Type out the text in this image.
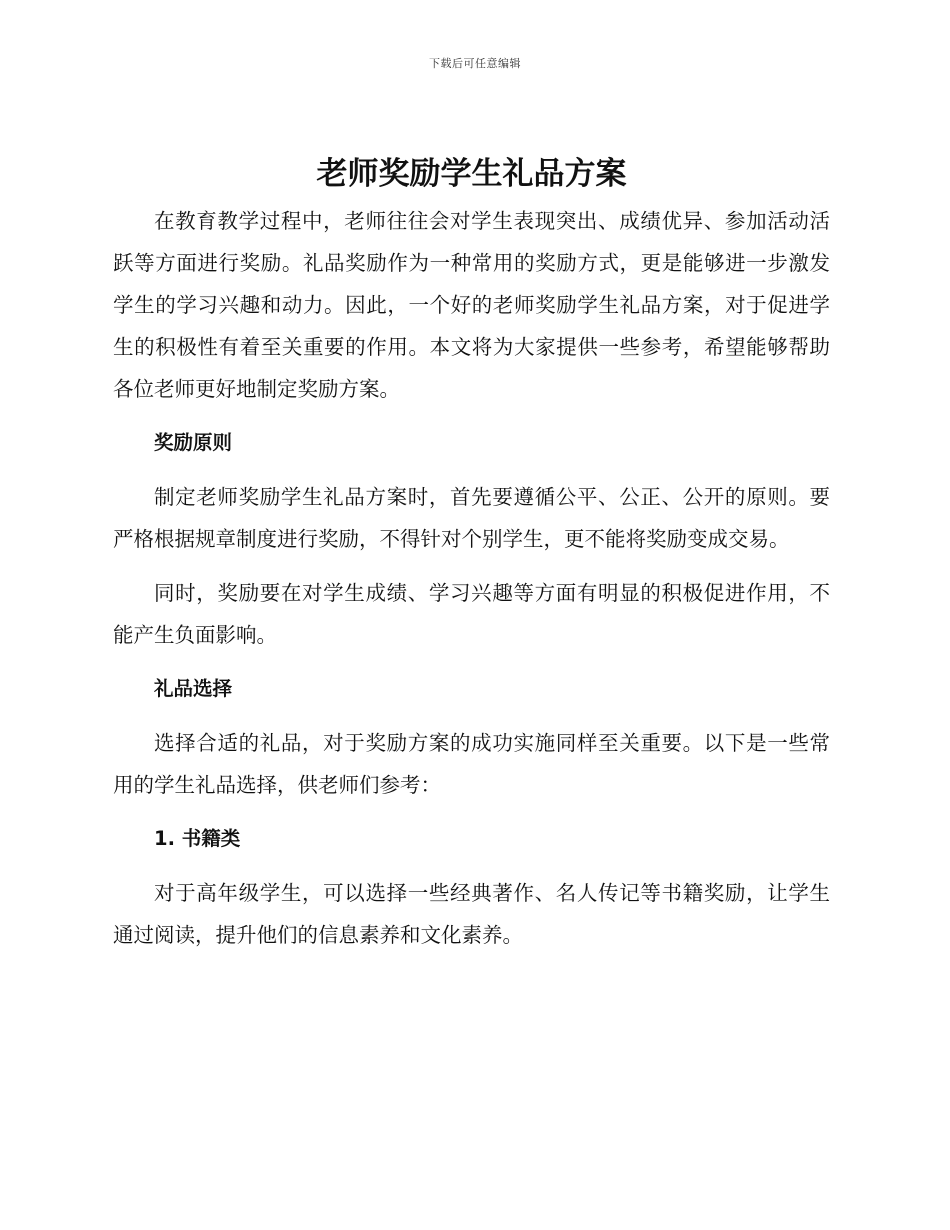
下载后可任意编辑
老师奖励学生礼品方案

在教育教学过程中，老师往往会对学生表现突出、成绩优异、参加活动活跃等方面进行奖励。礼品奖励作为一种常用的奖励方式，更是能够进一步激发学生的学习兴趣和动力。因此，一个好的老师奖励学生礼品方案，对于促进学生的积极性有着至关重要的作用。本文将为大家提供一些参考，希望能够帮助各位老师更好地制定奖励方案。

奖励原则

制定老师奖励学生礼品方案时，首先要遵循公平、公正、公开的原则。要严格根据规章制度进行奖励，不得针对个别学生，更不能将奖励变成交易。

同时，奖励要在对学生成绩、学习兴趣等方面有明显的积极促进作用，不能产生负面影响。

礼品选择

选择合适的礼品，对于奖励方案的成功实施同样至关重要。以下是一些常用的学生礼品选择，供老师们参考：

1. 书籍类

对于高年级学生，可以选择一些经典著作、名人传记等书籍奖励，让学生通过阅读，提升他们的信息素养和文化素养。
